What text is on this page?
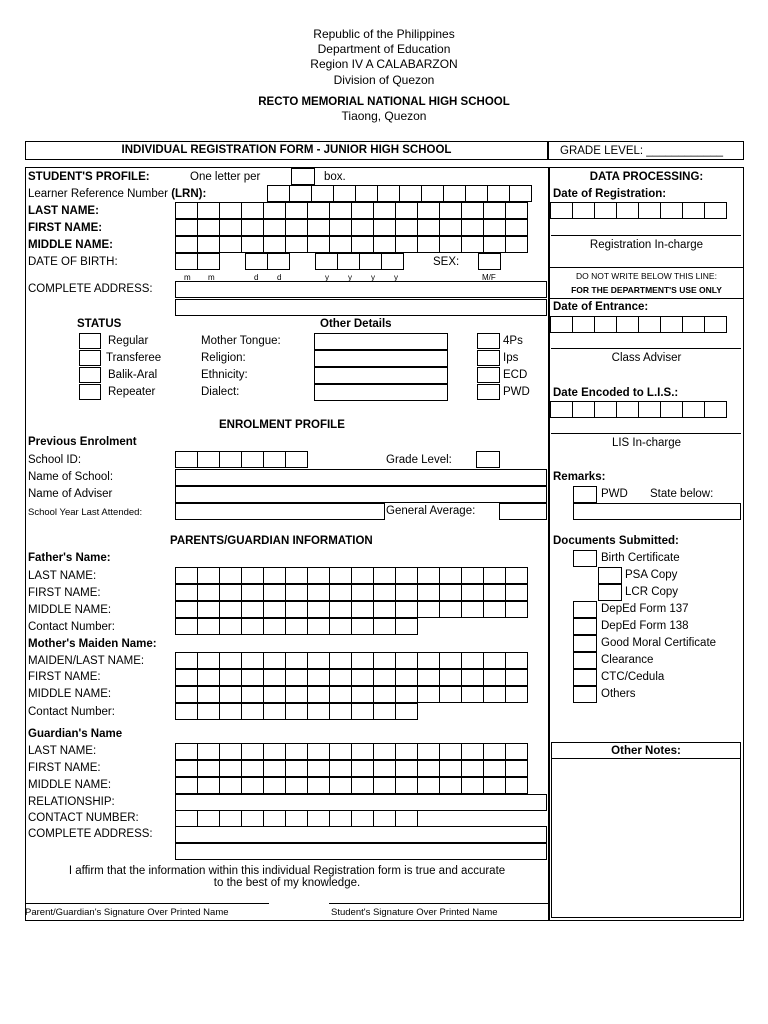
Republic of the Philippines
Department of Education
Region IV A CALABARZON
Division of Quezon
RECTO MEMORIAL NATIONAL HIGH SCHOOL
Tiaong, Quezon
INDIVIDUAL REGISTRATION FORM - JUNIOR HIGH SCHOOL	GRADE LEVEL: ____________
STUDENT'S PROFILE:	One letter per	box.
Learner Reference Number (LRN):
LAST NAME:
FIRST NAME:
MIDDLE NAME:
DATE OF BIRTH:	SEX:
m m	d d	y y y y	M/F
COMPLETE ADDRESS:
STATUS
Regular
Transferee
Balik-Aral
Repeater
Other Details
Mother Tongue:
Religion:
Ethnicity:
Dialect:
4Ps
Ips
ECD
PWD
ENROLMENT PROFILE
Previous Enrolment
School ID:	Grade Level:
Name of School:
Name of Adviser
School Year Last Attended:	General Average:
PARENTS/GUARDIAN INFORMATION
Father's Name:
LAST NAME:
FIRST NAME:
MIDDLE NAME:
Contact Number:
Mother's Maiden Name:
MAIDEN/LAST NAME:
FIRST NAME:
MIDDLE NAME:
Contact Number:
Guardian's Name
LAST NAME:
FIRST NAME:
MIDDLE NAME:
RELATIONSHIP:
CONTACT NUMBER:
COMPLETE ADDRESS:
I affirm that the information within this individual Registration form is true and accurate
to the best of my knowledge.
Parent/Guardian's Signature Over Printed Name	Student's Signature Over Printed Name
DATA PROCESSING:
Date of Registration:
Registration In-charge
DO NOT WRITE BELOW THIS LINE:
FOR THE DEPARTMENT'S USE ONLY
Date of Entrance:
Class Adviser
Date Encoded to L.I.S.:
LIS In-charge
Remarks:
PWD State below:
Documents Submitted:
Birth Certificate
PSA Copy
LCR Copy
DepEd Form 137
DepEd Form 138
Good Moral Certificate
Clearance
CTC/Cedula
Others
Other Notes:
